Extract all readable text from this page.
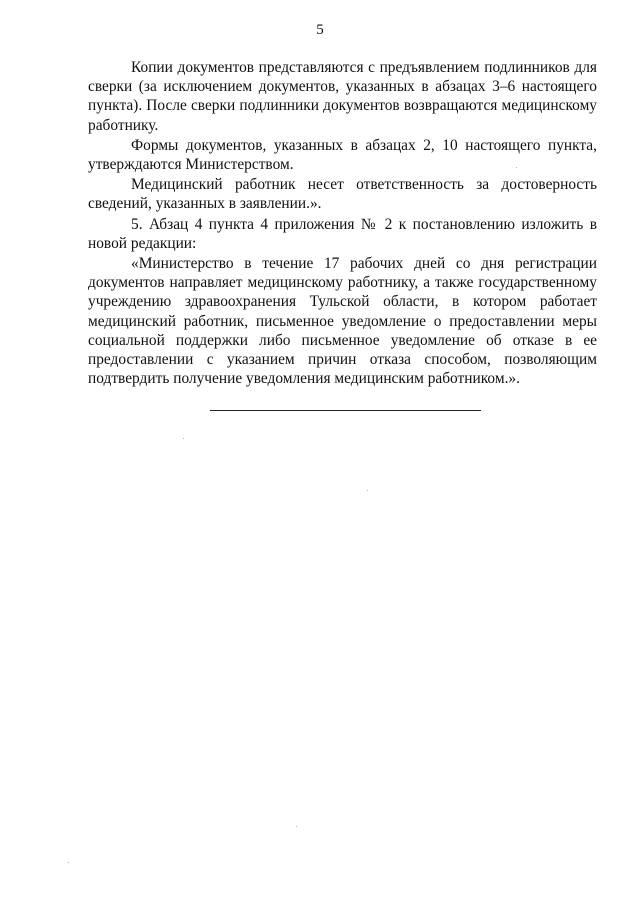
5

Копии документов представляются с предъявлением подлинников для сверки (за исключением документов, указанных в абзацах 3–6 настоящего пункта). После сверки подлинники документов возвращаются медицинскому работнику.

Формы документов, указанных в абзацах 2, 10 настоящего пункта, утверждаются Министерством.

Медицинский работник несет ответственность за достоверность сведений, указанных в заявлении.».

5. Абзац 4 пункта 4 приложения № 2 к постановлению изложить в новой редакции:

«Министерство в течение 17 рабочих дней со дня регистрации документов направляет медицинскому работнику, а также государственному учреждению здравоохранения Тульской области, в котором работает медицинский работник, письменное уведомление о предоставлении меры социальной поддержки либо письменное уведомление об отказе в ее предоставлении с указанием причин отказа способом, позволяющим подтвердить получение уведомления медицинским работником.».
